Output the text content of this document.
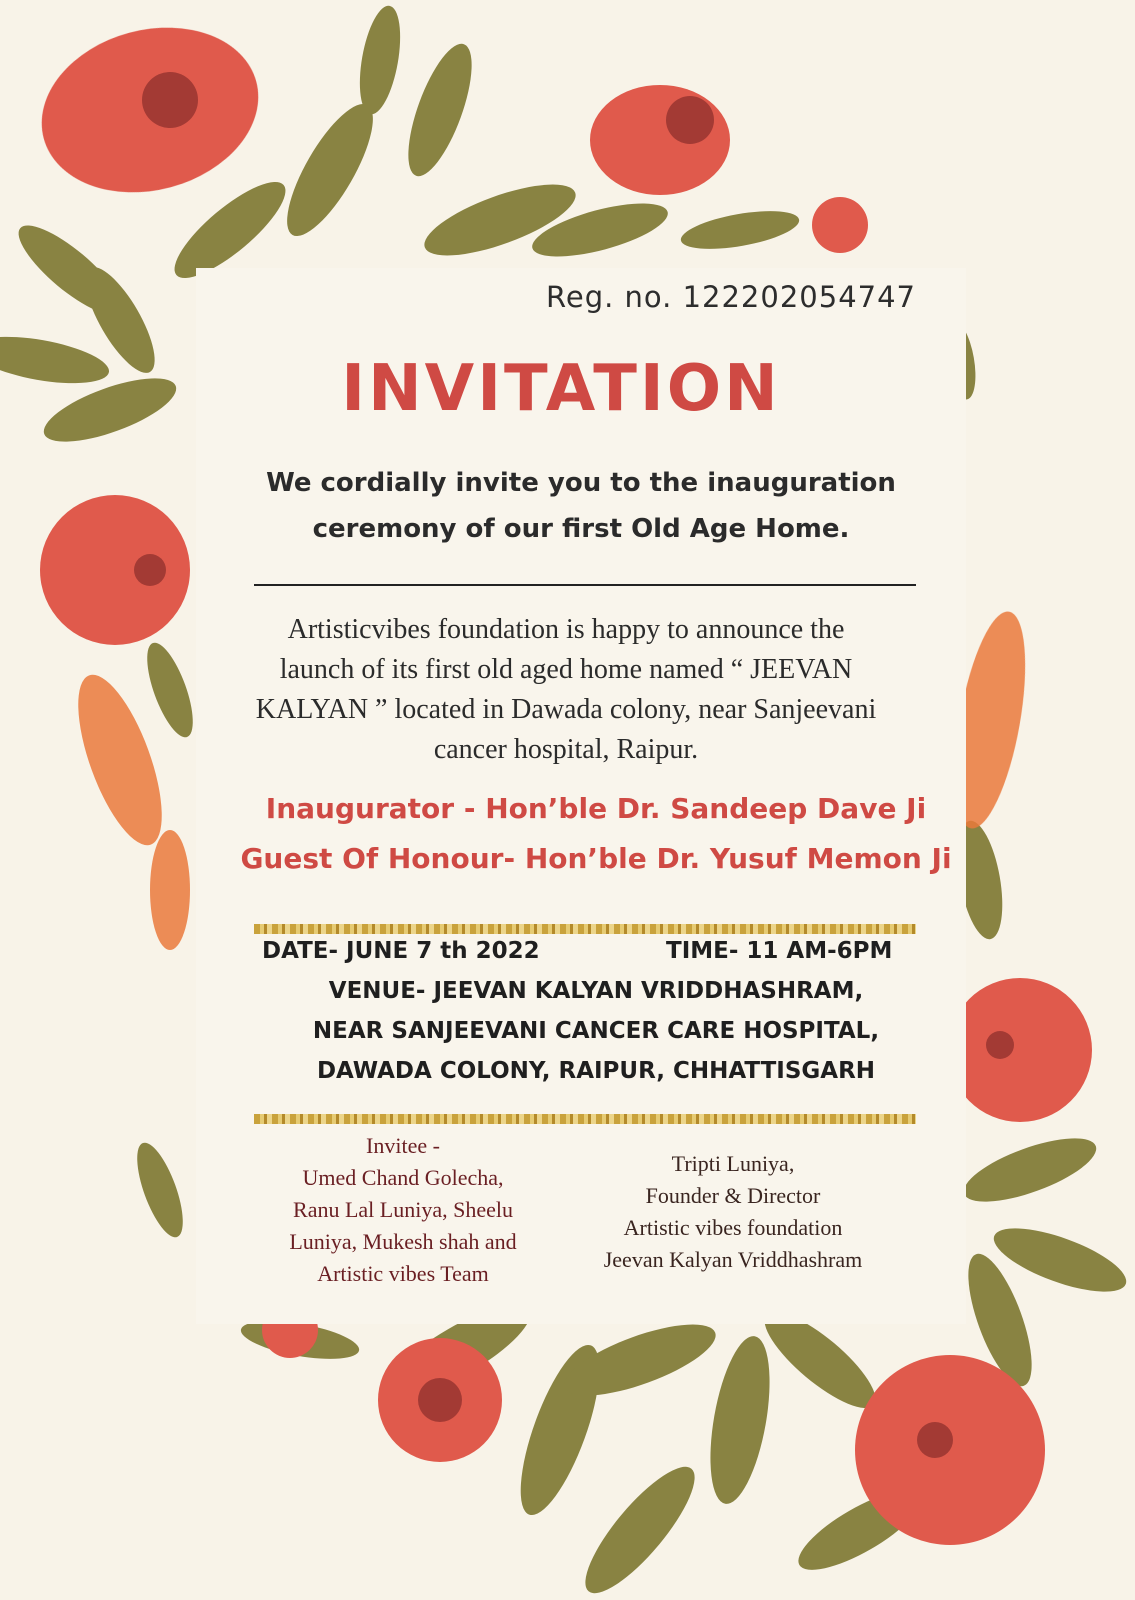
Reg. no. 122202054747

INVITATION

We cordially invite you to the inauguration
ceremony of our first Old Age Home.

Artisticvibes foundation is happy to announce the
launch of its first old aged home named “ JEEVAN
KALYAN ” located in Dawada colony, near Sanjeevani
cancer hospital, Raipur.

Inaugurator - Hon’ble Dr. Sandeep Dave Ji

Guest Of Honour- Hon’ble Dr. Yusuf Memon Ji

DATE- JUNE 7 th 2022	TIME- 11 AM-6PM

VENUE- JEEVAN KALYAN VRIDDHASHRAM,

NEAR SANJEEVANI CANCER CARE HOSPITAL,

DAWADA COLONY, RAIPUR, CHHATTISGARH

Invitee -
Umed Chand Golecha,
Ranu Lal Luniya, Sheelu
Luniya, Mukesh shah and
Artistic vibes Team

Tripti Luniya,
Founder & Director
Artistic vibes foundation
Jeevan Kalyan Vriddhashram
